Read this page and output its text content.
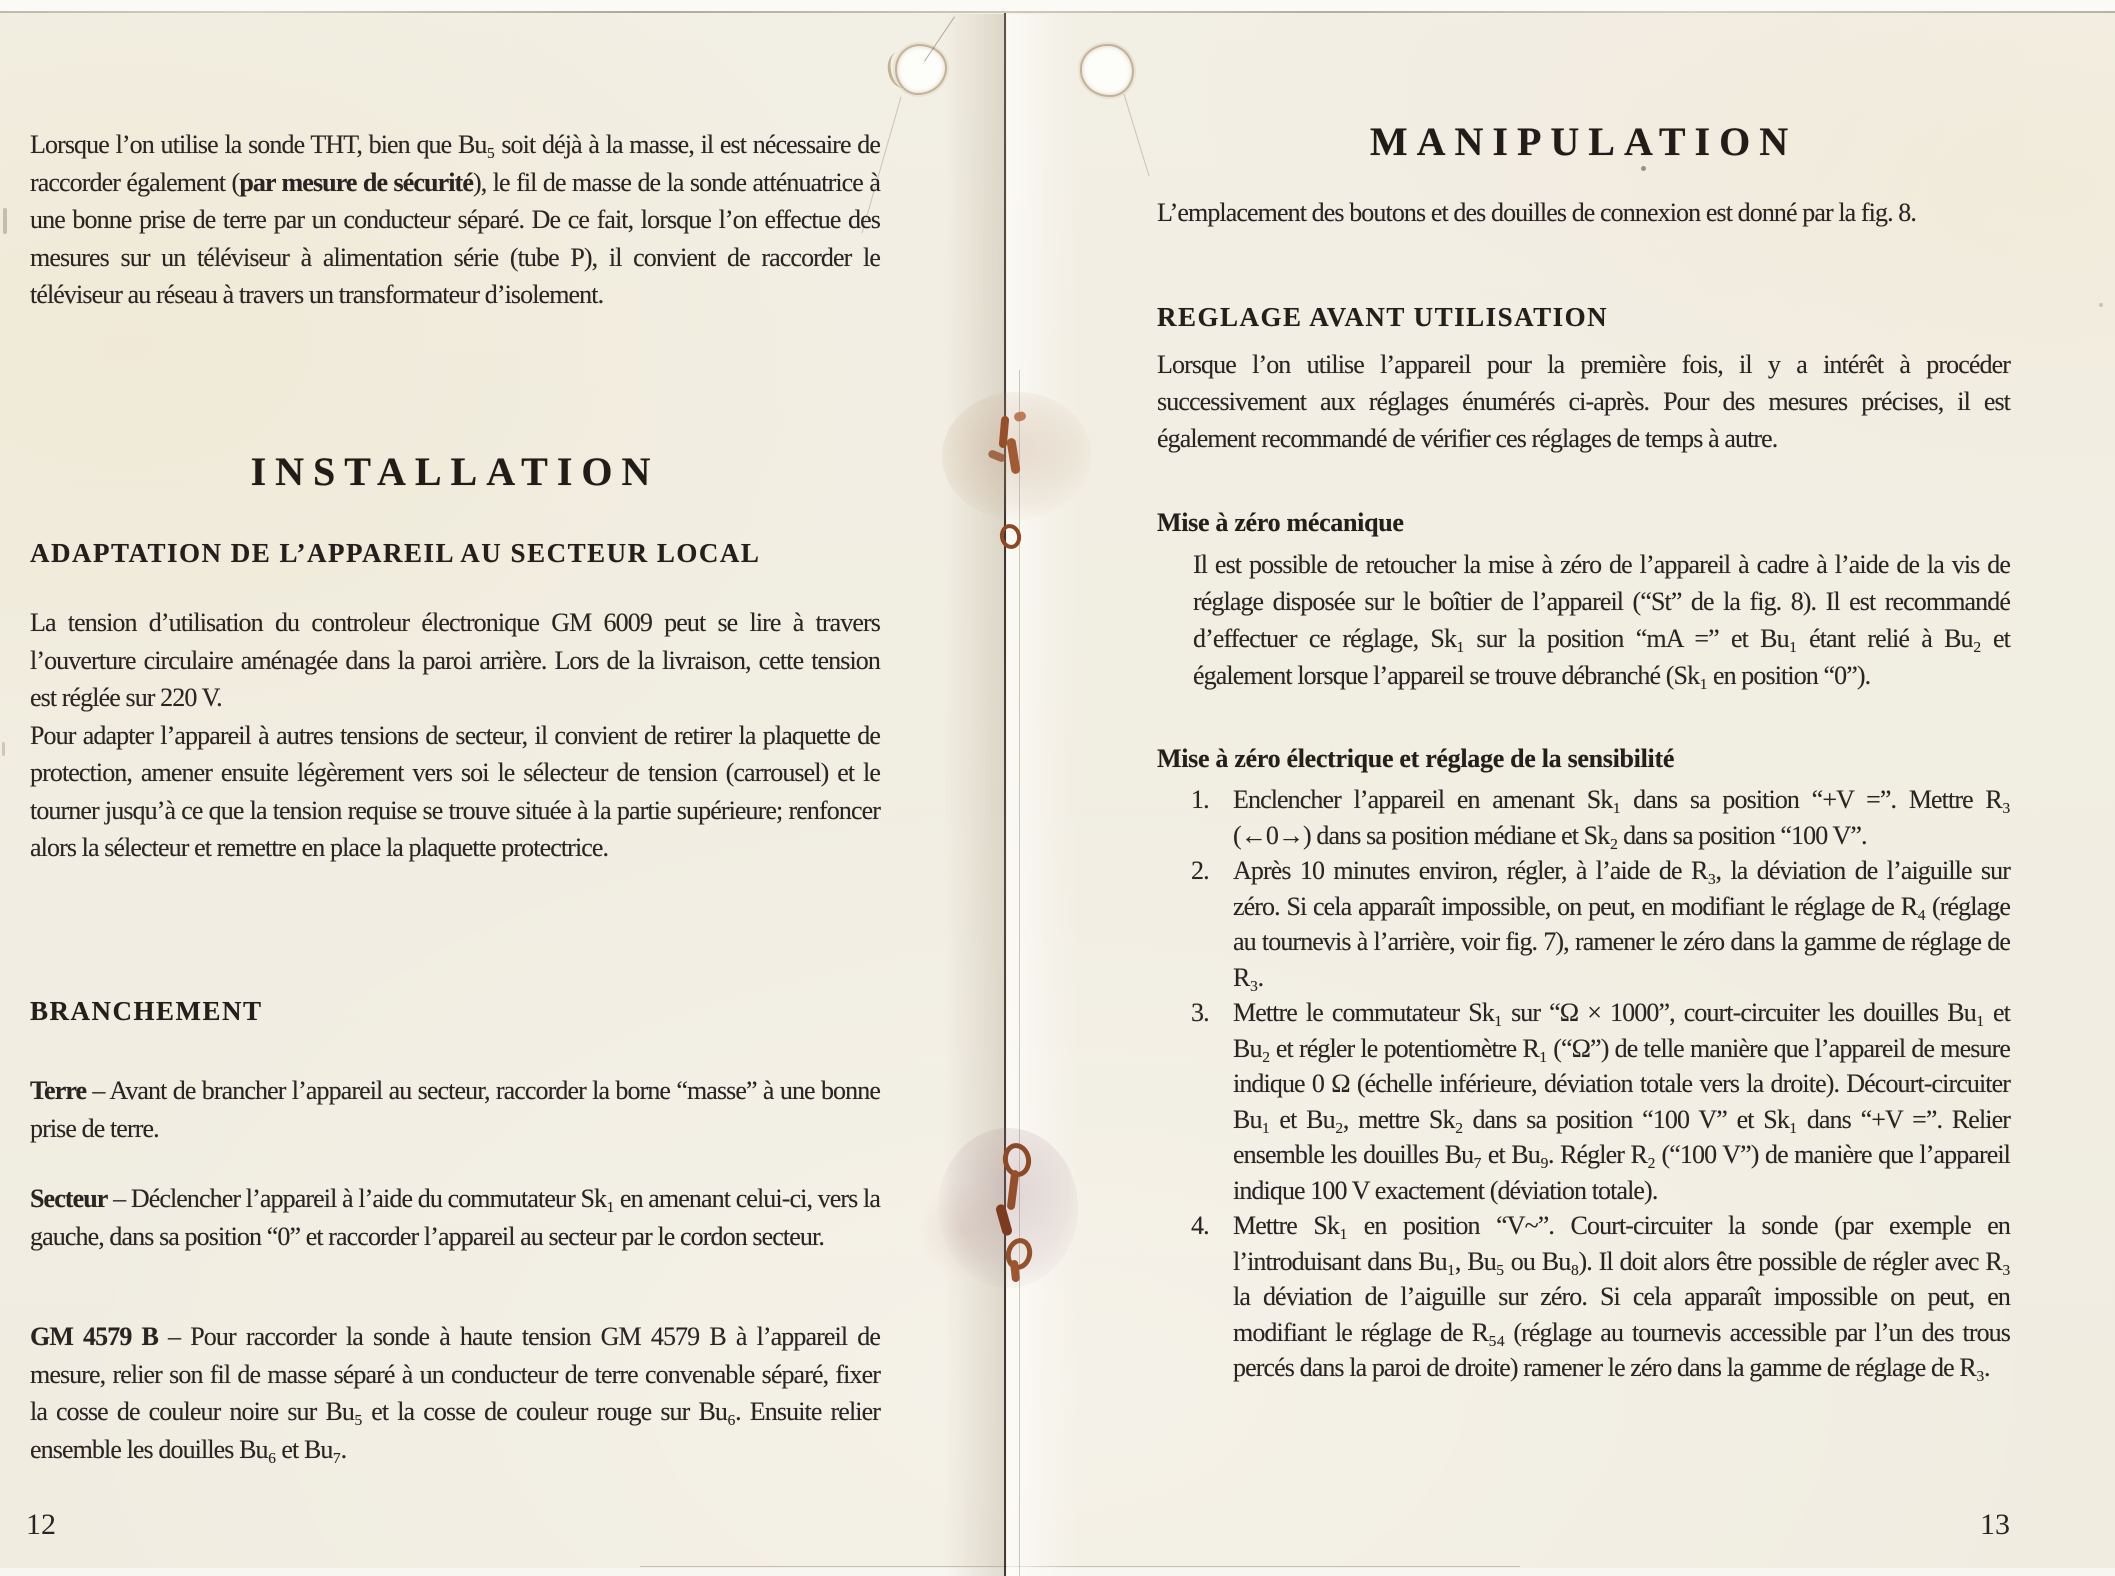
Lorsque l’on utilise la sonde THT, bien que Bu₅ soit déjà à la masse, il est nécessaire de raccorder également (par mesure de sécurité), le fil de masse de la sonde atténuatrice à une bonne prise de terre par un conducteur séparé. De ce fait, lorsque l’on effectue des mesures sur un téléviseur à alimentation série (tube P), il convient de raccorder le téléviseur au réseau à travers un transformateur d’isolement.

INSTALLATION
ADAPTATION DE L’APPAREIL AU SECTEUR LOCAL

La tension d’utilisation du controleur électronique GM 6009 peut se lire à travers l’ouverture circulaire aménagée dans la paroi arrière. Lors de la livraison, cette tension est réglée sur 220 V.

Pour adapter l’appareil à autres tensions de secteur, il convient de retirer la plaquette de protection, amener ensuite légèrement vers soi le sélecteur de tension (carrousel) et le tourner jusqu’à ce que la tension requise se trouve située à la partie supérieure; renfoncer alors la sélecteur et remettre en place la plaquette protectrice.

BRANCHEMENT

Terre – Avant de brancher l’appareil au secteur, raccorder la borne “masse” à une bonne prise de terre.

Secteur – Déclencher l’appareil à l’aide du commutateur Sk₁ en amenant celui-ci, vers la gauche, dans sa position “0” et raccorder l’appareil au secteur par le cordon secteur.

GM 4579 B – Pour raccorder la sonde à haute tension GM 4579 B à l’appareil de mesure, relier son fil de masse séparé à un conducteur de terre convenable séparé, fixer la cosse de couleur noire sur Bu₅ et la cosse de couleur rouge sur Bu₆. Ensuite relier ensemble les douilles Bu₆ et Bu₇.

12
MANIPULATION

L’emplacement des boutons et des douilles de connexion est donné par la fig. 8.

REGLAGE AVANT UTILISATION

Lorsque l’on utilise l’appareil pour la première fois, il y a intérêt à procéder successivement aux réglages énumérés ci-après. Pour des mesures précises, il est également recommandé de vérifier ces réglages de temps à autre.

Mise à zéro mécanique

Il est possible de retoucher la mise à zéro de l’appareil à cadre à l’aide de la vis de réglage disposée sur le boîtier de l’appareil (“St” de la fig. 8). Il est recommandé d’effectuer ce réglage, Sk₁ sur la position “mA =” et Bu₁ étant relié à Bu₂ et également lorsque l’appareil se trouve débranché (Sk₁ en position “0”).

Mise à zéro électrique et réglage de la sensibilité
1. Enclencher l’appareil en amenant Sk₁ dans sa position “+V =”. Mettre R₃ (←0→) dans sa position médiane et Sk₂ dans sa position “100 V”.
2. Après 10 minutes environ, régler, à l’aide de R₃, la déviation de l’aiguille sur zéro. Si cela apparaît impossible, on peut, en modifiant le réglage de R₄ (réglage au tournevis à l’arrière, voir fig. 7), ramener le zéro dans la gamme de réglage de R₃.
3. Mettre le commutateur Sk₁ sur “Ω × 1000”, court-circuiter les douilles Bu₁ et Bu₂ et régler le potentiomètre R₁ (“Ω”) de telle manière que l’appareil de mesure indique 0 Ω (échelle inférieure, déviation totale vers la droite). Décourt-circuiter Bu₁ et Bu₂, mettre Sk₂ dans sa position “100 V” et Sk₁ dans “+V =”. Relier ensemble les douilles Bu₇ et Bu₉. Régler R₂ (“100 V”) de manière que l’appareil indique 100 V exactement (déviation totale).
4. Mettre Sk₁ en position “V~”. Court-circuiter la sonde (par exemple en l’introduisant dans Bu₁, Bu₅ ou Bu₈). Il doit alors être possible de régler avec R₃ la déviation de l’aiguille sur zéro. Si cela apparaît impossible on peut, en modifiant le réglage de R₅₄ (réglage au tournevis accessible par l’un des trous percés dans la paroi de droite) ramener le zéro dans la gamme de réglage de R₃.
13
